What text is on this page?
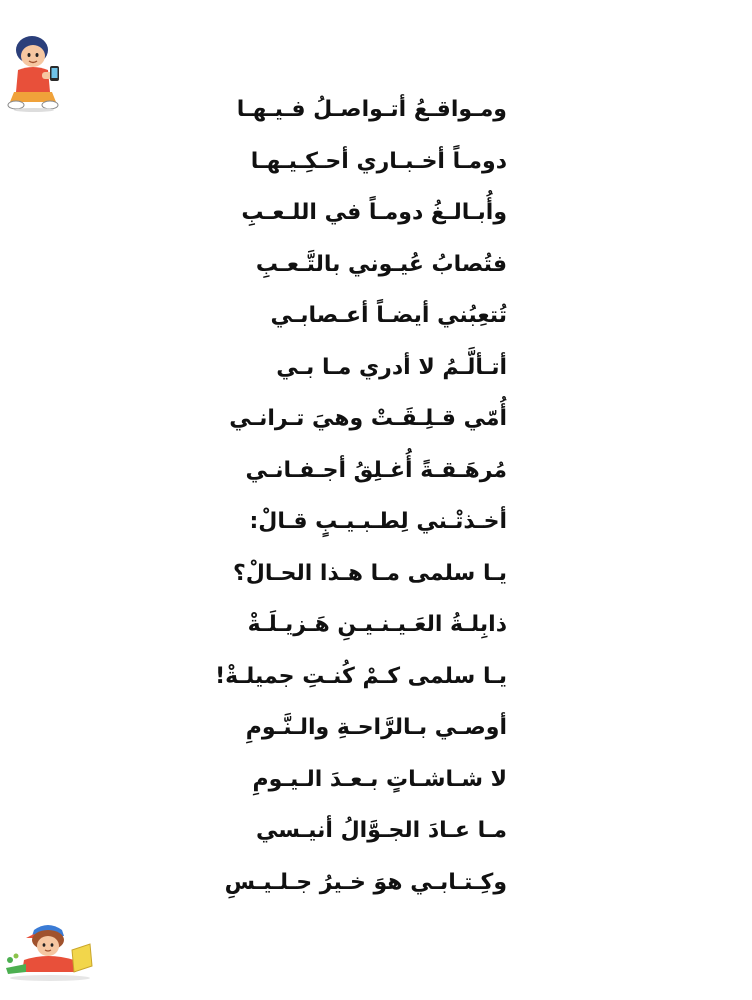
ومـواقـعُ أتـواصـلُ فـيـهـا
دومـاً أخـبـاري أحـكِـيـهـا
وأُبـالـغُ دومـاً في اللـعـبِ
فتُصابُ عُيـوني بالتَّـعـبِ
تُتعِبُني أيضـاً أعـصابـي
أتـألَّـمُ لا أدري مـا بـي
أُمّي قـلِـقَـتْ وهيَ تـرانـي
مُرهَـقـةً أُغـلِقُ أجـفـانـي
أخـذتْـني لِطـبـيـبٍ قـالْ:
يـا سلمى مـا هـذا الحـالْ؟
ذابِلـةُ العَـيـنـيـنِ هَـزيـلَـةْ
يـا سلمى كـمْ كُنـتِ جميلـةْ!
أوصـي بـالرَّاحـةِ والـنَّـومِ
لا شـاشـاتٍ بـعـدَ الـيـومِ
مـا عـادَ الجـوَّالُ أنيـسي
وكِـتـابـي هوَ خـيرُ جـلـيـسِ
